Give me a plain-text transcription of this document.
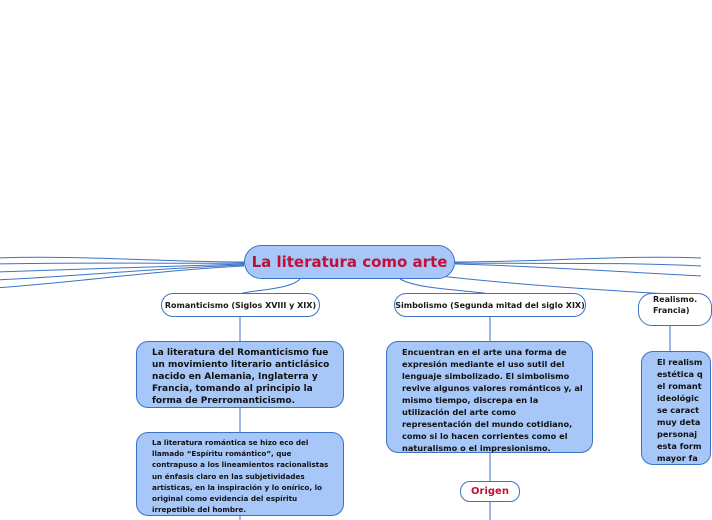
La literatura como arte
Romanticismo (Siglos XVIII y XIX)	Simbolismo (Segunda mitad del siglo XIX)
Realismo.
Francia)
La literatura del Romanticismo fue un movimiento literario anticlásico nacido en Alemania, Inglaterra y Francia, tomando al principio la forma de Prerromanticismo.
La literatura romántica se hizo eco del llamado “Espíritu romántico”, que contrapuso a los lineamientos racionalistas un énfasis claro en las subjetividades artísticas, en la inspiración y lo onírico, lo original como evidencia del espíritu irrepetible del hombre.
Encuentran en el arte una forma de expresión mediante el uso sutil del lenguaje simbolizado. El simbolismo revive algunos valores románticos y, al mismo tiempo, discrepa en la utilización del arte como representación del mundo cotidiano, como si lo hacen corrientes como el naturalismo o el impresionismo.
El realism
estética q
el romant
ideológic
se caract
muy deta
personaj
esta form
mayor fa
Origen
